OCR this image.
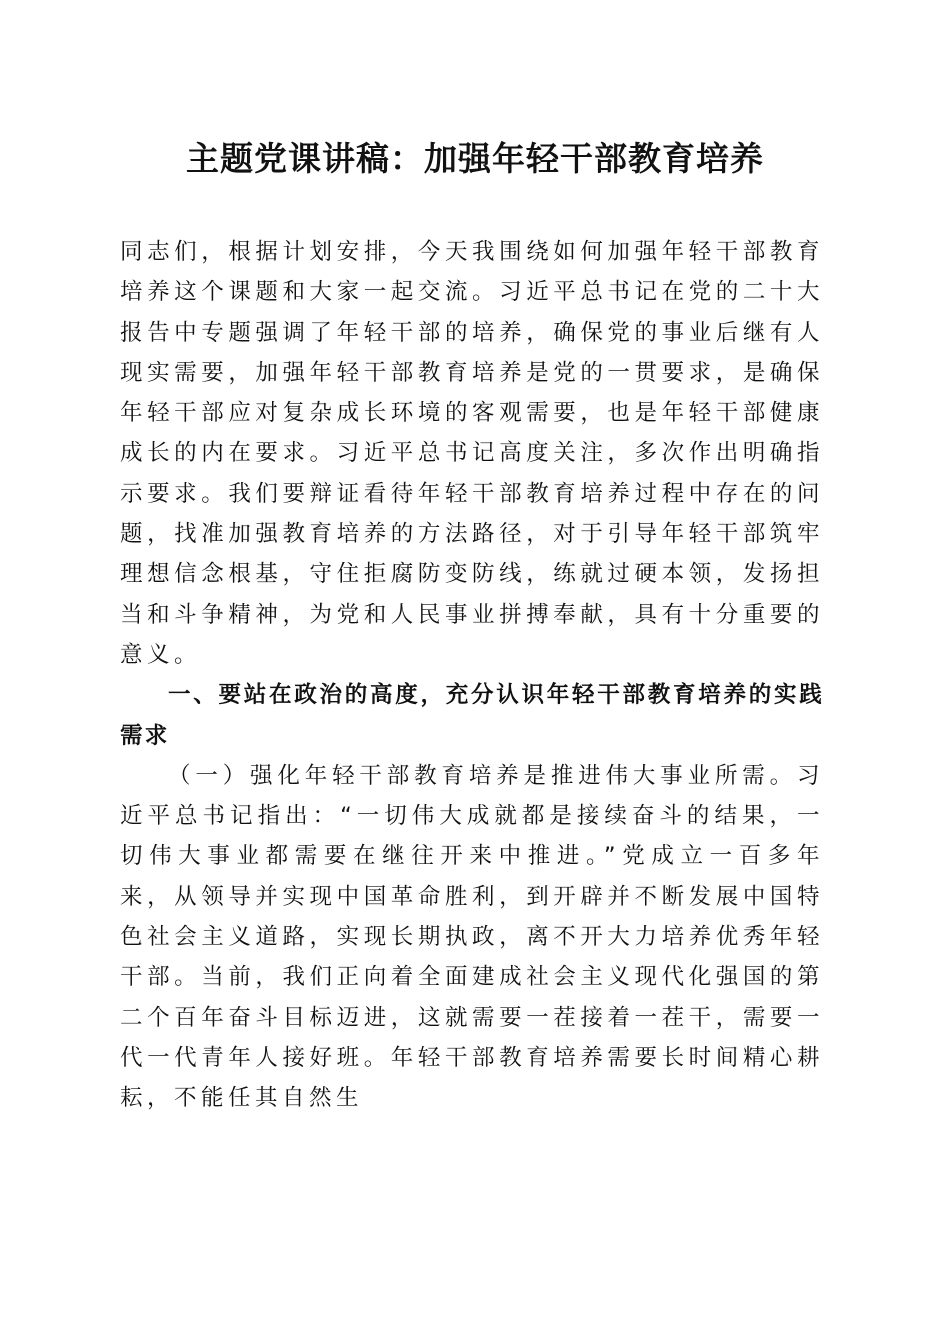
主题党课讲稿：加强年轻干部教育培养

同志们，根据计划安排，今天我围绕如何加强年轻干部教育培养这个课题和大家一起交流。习近平总书记在党的二十大报告中专题强调了年轻干部的培养，确保党的事业后继有人现实需要，加强年轻干部教育培养是党的一贯要求，是确保年轻干部应对复杂成长环境的客观需要，也是年轻干部健康成长的内在要求。习近平总书记高度关注，多次作出明确指示要求。我们要辩证看待年轻干部教育培养过程中存在的问题，找准加强教育培养的方法路径，对于引导年轻干部筑牢理想信念根基，守住拒腐防变防线，练就过硬本领，发扬担当和斗争精神，为党和人民事业拼搏奉献，具有十分重要的意义。

一、要站在政治的高度，充分认识年轻干部教育培养的实践需求

（一）强化年轻干部教育培养是推进伟大事业所需。习近平总书记指出：“一切伟大成就都是接续奋斗的结果，一切伟大事业都需要在继往开来中推进。”党成立一百多年来，从领导并实现中国革命胜利，到开辟并不断发展中国特色社会主义道路，实现长期执政，离不开大力培养优秀年轻干部。当前，我们正向着全面建成社会主义现代化强国的第二个百年奋斗目标迈进，这就需要一茬接着一茬干，需要一代一代青年人接好班。年轻干部教育培养需要长时间精心耕耘，不能任其自然生
